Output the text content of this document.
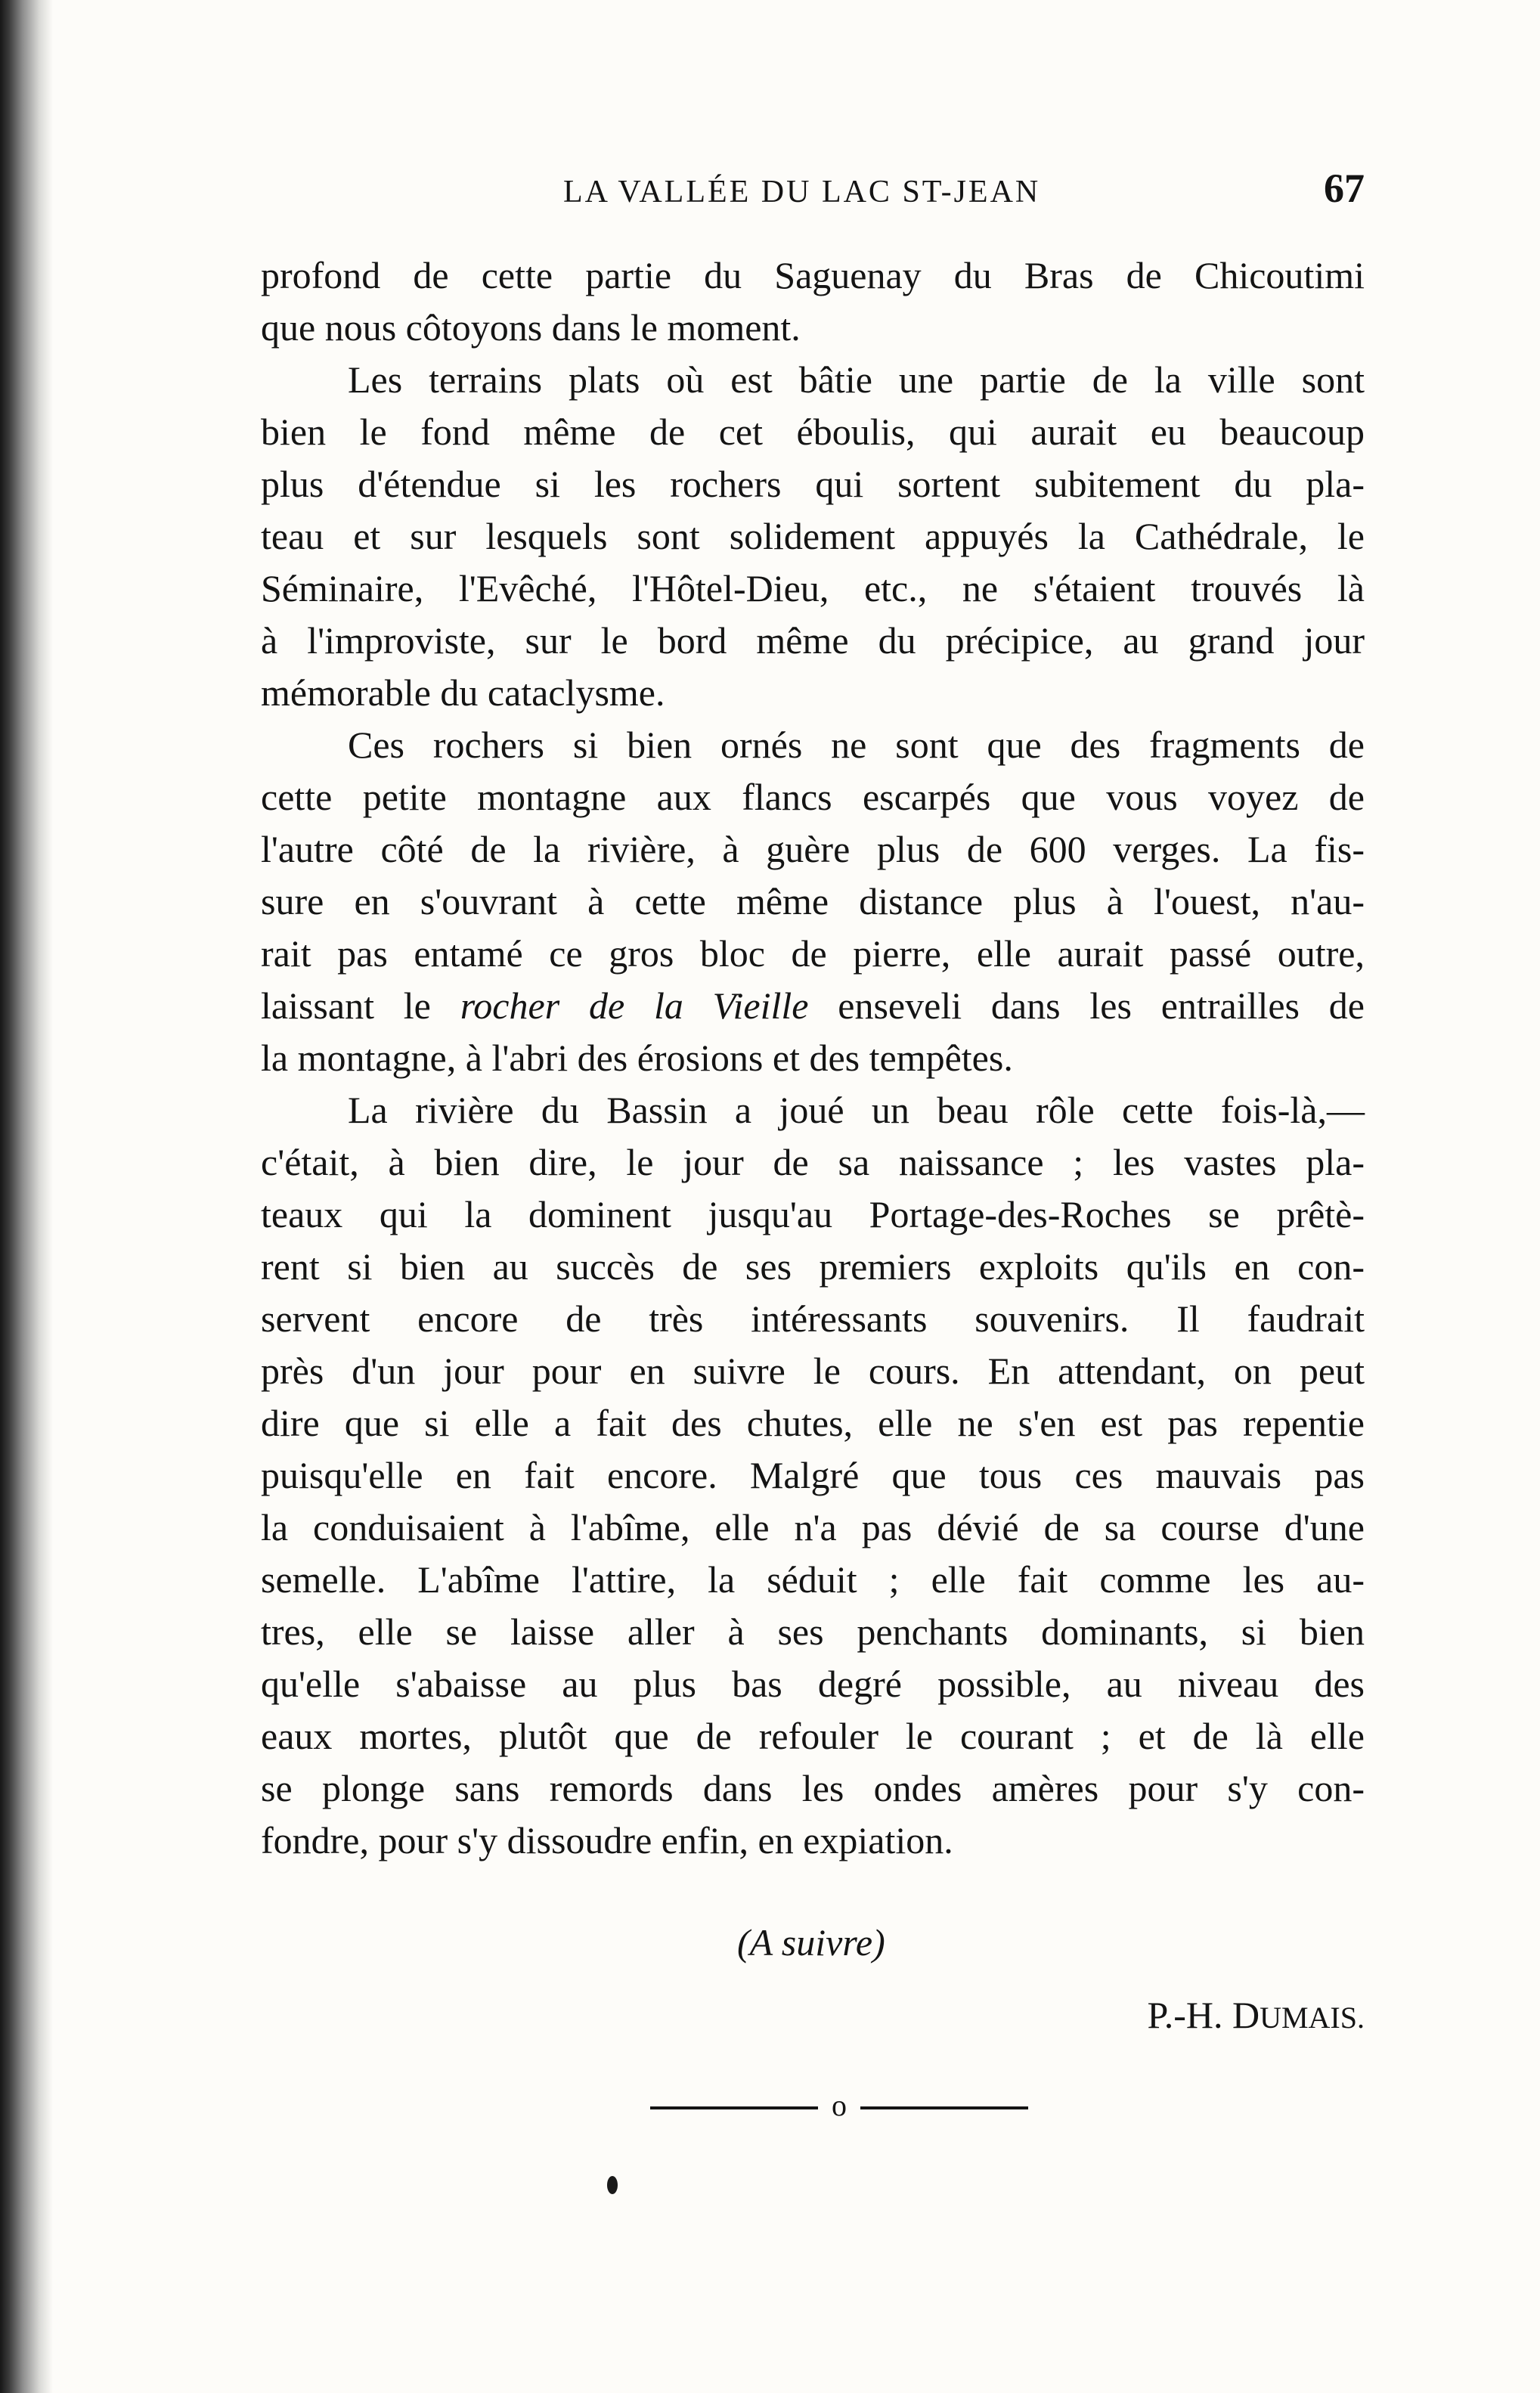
LA VALLÉE DU LAC ST-JEAN	67

profond de cette partie du Saguenay du Bras de Chicoutimi

que nous côtoyons dans le moment.

Les terrains plats où est bâtie une partie de la ville sont

bien le fond même de cet éboulis, qui aurait eu beaucoup

plus d'étendue si les rochers qui sortent subitement du pla-

teau et sur lesquels sont solidement appuyés la Cathédrale, le

Séminaire, l'Evêché, l'Hôtel-Dieu, etc., ne s'étaient trouvés là

à l'improviste, sur le bord même du précipice, au grand jour

mémorable du cataclysme.

Ces rochers si bien ornés ne sont que des fragments de

cette petite montagne aux flancs escarpés que vous voyez de

l'autre côté de la rivière, à guère plus de 600 verges. La fis-

sure en s'ouvrant à cette même distance plus à l'ouest, n'au-

rait pas entamé ce gros bloc de pierre, elle aurait passé outre,

laissant le rocher de la Vieille enseveli dans les entrailles de

la montagne, à l'abri des érosions et des tempêtes.

La rivière du Bassin a joué un beau rôle cette fois-là,—

c'était, à bien dire, le jour de sa naissance ; les vastes pla-

teaux qui la dominent jusqu'au Portage-des-Roches se prêtè-

rent si bien au succès de ses premiers exploits qu'ils en con-

servent encore de très intéressants souvenirs. Il faudrait

près d'un jour pour en suivre le cours. En attendant, on peut

dire que si elle a fait des chutes, elle ne s'en est pas repentie

puisqu'elle en fait encore. Malgré que tous ces mauvais pas

la conduisaient à l'abîme, elle n'a pas dévié de sa course d'une

semelle. L'abîme l'attire, la séduit ; elle fait comme les au-

tres, elle se laisse aller à ses penchants dominants, si bien

qu'elle s'abaisse au plus bas degré possible, au niveau des

eaux mortes, plutôt que de refouler le courant ; et de là elle

se plonge sans remords dans les ondes amères pour s'y con-

fondre, pour s'y dissoudre enfin, en expiation.

(A suivre)
P.-H. DUMAIS.
o
